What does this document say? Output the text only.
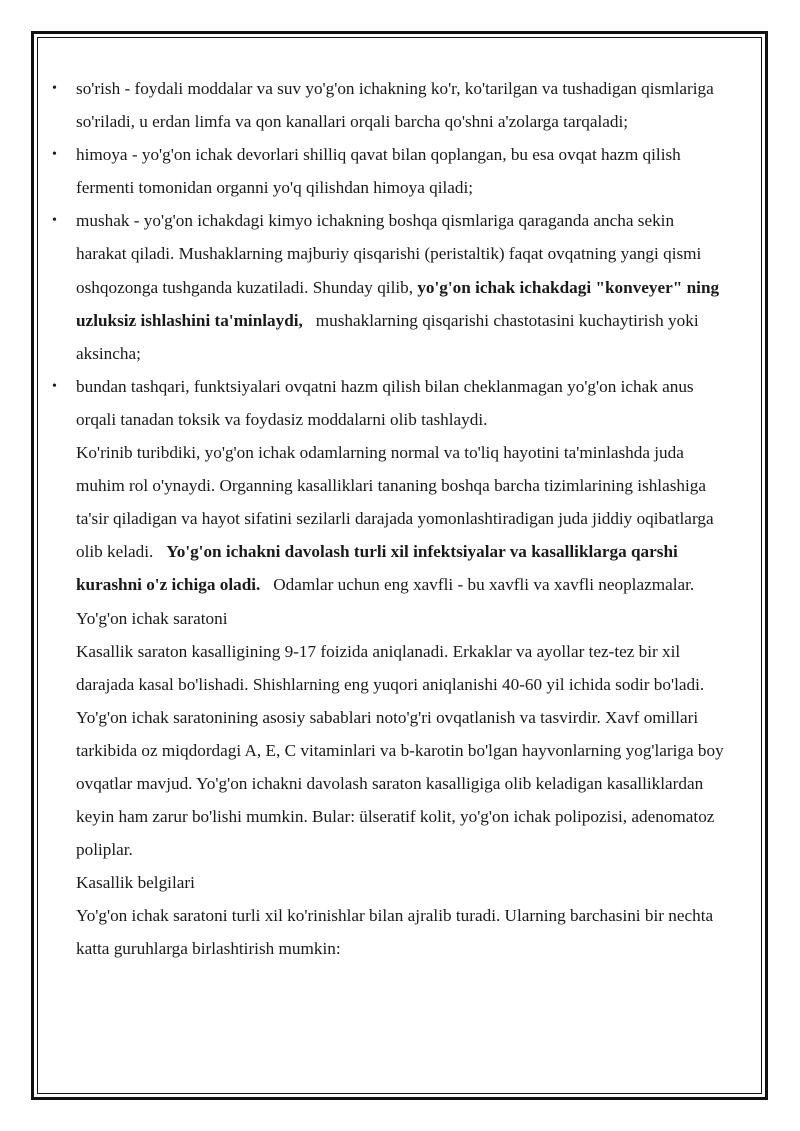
• so'rish - foydali moddalar va suv yo'g'on ichakning ko'r, ko'tarilgan va tushadigan qismlariga so'riladi, u erdan limfa va qon kanallari orqali barcha qo'shni a'zolarga tarqaladi;
• himoya - yo'g'on ichak devorlari shilliq qavat bilan qoplangan, bu esa ovqat hazm qilish fermenti tomonidan organni yo'q qilishdan himoya qiladi;
• mushak - yo'g'on ichakdagi kimyo ichakning boshqa qismlariga qaraganda ancha sekin harakat qiladi. Mushaklarning majburiy qisqarishi (peristaltik) faqat ovqatning yangi qismi oshqozonga tushganda kuzatiladi. Shunday qilib, yo'g'on ichak ichakdagi "konveyer" ning uzluksiz ishlashini ta'minlaydi,   mushaklarning qisqarishi chastotasini kuchaytirish yoki aksincha;
• bundan tashqari, funktsiyalari ovqatni hazm qilish bilan cheklanmagan yo'g'on ichak anus orqali tanadan toksik va foydasiz moddalarni olib tashlaydi.

Ko'rinib turibdiki, yo'g'on ichak odamlarning normal va to'liq hayotini ta'minlashda juda muhim rol o'ynaydi. Organning kasalliklari tananing boshqa barcha tizimlarining ishlashiga ta'sir qiladigan va hayot sifatini sezilarli darajada yomonlashtiradigan juda jiddiy oqibatlarga olib keladi.   Yo'g'on ichakni davolash turli xil infektsiyalar va kasalliklarga qarshi kurashni o'z ichiga oladi.   Odamlar uchun eng xavfli - bu xavfli va xavfli neoplazmalar.

Yo'g'on ichak saratoni

Kasallik saraton kasalligining 9-17 foizida aniqlanadi. Erkaklar va ayollar tez-tez bir xil darajada kasal bo'lishadi. Shishlarning eng yuqori aniqlanishi 40-60 yil ichida sodir bo'ladi.

Yo'g'on ichak saratonining asosiy sabablari noto'g'ri ovqatlanish va tasvirdir. Xavf omillari tarkibida oz miqdordagi A, E, C vitaminlari va b-karotin bo'lgan hayvonlarning yog'lariga boy ovqatlar mavjud. Yo'g'on ichakni davolash saraton kasalligiga olib keladigan kasalliklardan keyin ham zarur bo'lishi mumkin. Bular: ülseratif kolit, yo'g'on ichak polipozisi, adenomatoz poliplar.

Kasallik belgilari

Yo'g'on ichak saratoni turli xil ko'rinishlar bilan ajralib turadi. Ularning barchasini bir nechta katta guruhlarga birlashtirish mumkin:
